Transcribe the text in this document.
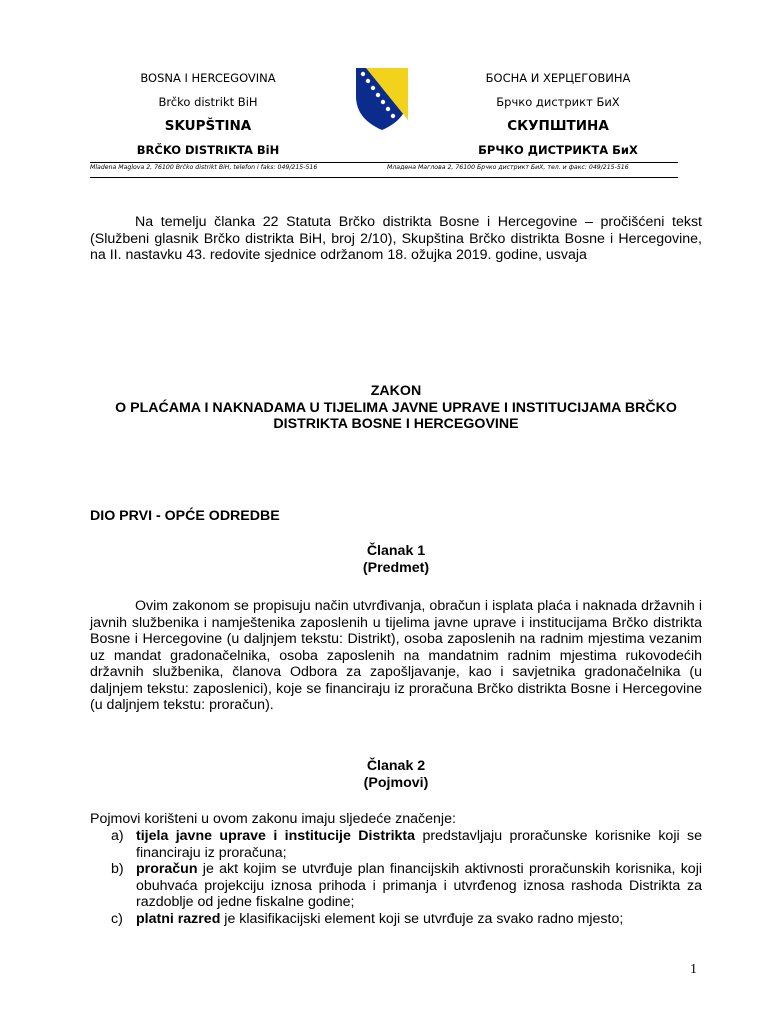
BOSNA I HERCEGOVINA
Brčko distrikt BiH
SKUPŠTINA
BRČKO DISTRIKTA BiH
БОСНА И ХЕРЦЕГОВИНА
Брчко дистрикт БиХ
СКУПШТИНА
БРЧКО ДИСТРИКТА БиХ
Mladena Maglova 2, 76100 Brčko distrikt BiH, telefon i faks: 049/215-516	Младена Маглова 2, 76100 Брчко дистрикт БиХ, тел. и факс: 049/215-516
Na temelju članka 22 Statuta Brčko distrikta Bosne i Hercegovine – pročišćeni tekst (Službeni glasnik Brčko distrikta BiH, broj 2/10), Skupština Brčko distrikta Bosne i Hercegovine, na II. nastavku 43. redovite sjednice održanom 18. ožujka 2019. godine, usvaja
ZAKON
O PLAĆAMA I NAKNADAMA U TIJELIMA JAVNE UPRAVE I INSTITUCIJAMA BRČKO DISTRIKTA BOSNE I HERCEGOVINE
DIO PRVI - OPĆE ODREDBE
Članak 1
(Predmet)
Ovim zakonom se propisuju način utvrđivanja, obračun i isplata plaća i naknada državnih i javnih službenika i namještenika zaposlenih u tijelima javne uprave i institucijama Brčko distrikta Bosne i Hercegovine (u daljnjem tekstu: Distrikt), osoba zaposlenih na radnim mjestima vezanim uz mandat gradonačelnika, osoba zaposlenih na mandatnim radnim mjestima rukovodećih državnih službenika, članova Odbora za zapošljavanje, kao i savjetnika gradonačelnika (u daljnjem tekstu: zaposlenici), koje se financiraju iz proračuna Brčko distrikta Bosne i Hercegovine (u daljnjem tekstu: proračun).
Članak 2
(Pojmovi)
Pojmovi korišteni u ovom zakonu imaju sljedeće značenje:
a) tijela javne uprave i institucije Distrikta predstavljaju proračunske korisnike koji se financiraju iz proračuna;
b) proračun je akt kojim se utvrđuje plan financijskih aktivnosti proračunskih korisnika, koji obuhvaća projekciju iznosa prihoda i primanja i utvrđenog iznosa rashoda Distrikta za razdoblje od jedne fiskalne godine;
c) platni razred je klasifikacijski element koji se utvrđuje za svako radno mjesto;
1
